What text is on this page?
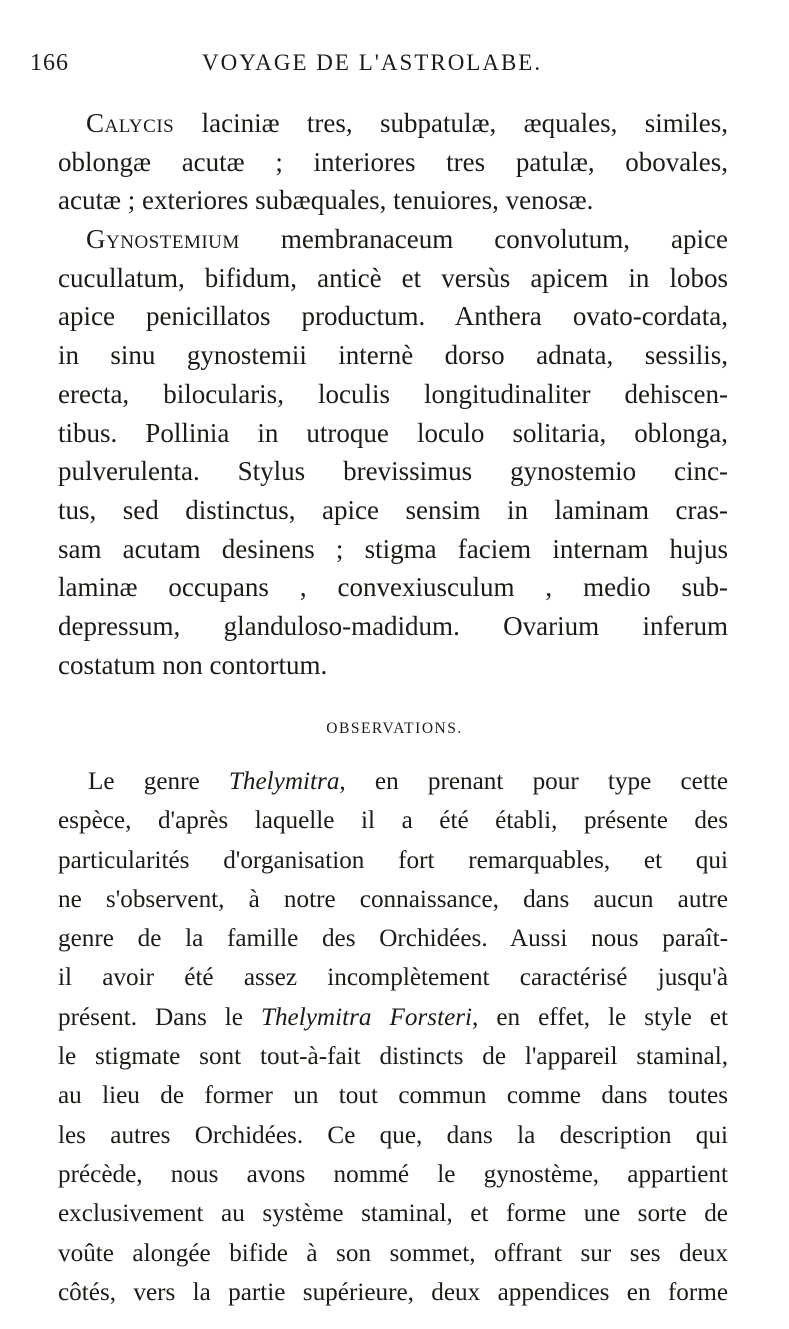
166	VOYAGE DE L'ASTROLABE.
Calycis laciniæ tres, subpatulæ, æquales, similes,
oblongæ acutæ ; interiores tres patulæ, obovales,
acutæ ; exteriores subæquales, tenuiores, venosæ.
Gynostemium membranaceum convolutum, apice
cucullatum, bifidum, anticè et versùs apicem in lobos
apice penicillatos productum. Anthera ovato-cordata,
in sinu gynostemii internè dorso adnata, sessilis,
erecta, bilocularis, loculis longitudinaliter dehiscen-
tibus. Pollinia in utroque loculo solitaria, oblonga,
pulverulenta. Stylus brevissimus gynostemio cinc-
tus, sed distinctus, apice sensim in laminam cras-
sam acutam desinens ; stigma faciem internam hujus
laminæ occupans , convexiusculum , medio sub-
depressum, glanduloso-madidum. Ovarium inferum
costatum non contortum.
OBSERVATIONS.
Le genre Thelymitra, en prenant pour type cette
espèce, d'après laquelle il a été établi, présente des
particularités d'organisation fort remarquables, et qui
ne s'observent, à notre connaissance, dans aucun autre
genre de la famille des Orchidées. Aussi nous paraît-
il avoir été assez incomplètement caractérisé jusqu'à
présent. Dans le Thelymitra Forsteri, en effet, le style et
le stigmate sont tout-à-fait distincts de l'appareil staminal,
au lieu de former un tout commun comme dans toutes
les autres Orchidées. Ce que, dans la description qui
précède, nous avons nommé le gynostème, appartient
exclusivement au système staminal, et forme une sorte de
voûte alongée bifide à son sommet, offrant sur ses deux
côtés, vers la partie supérieure, deux appendices en forme
